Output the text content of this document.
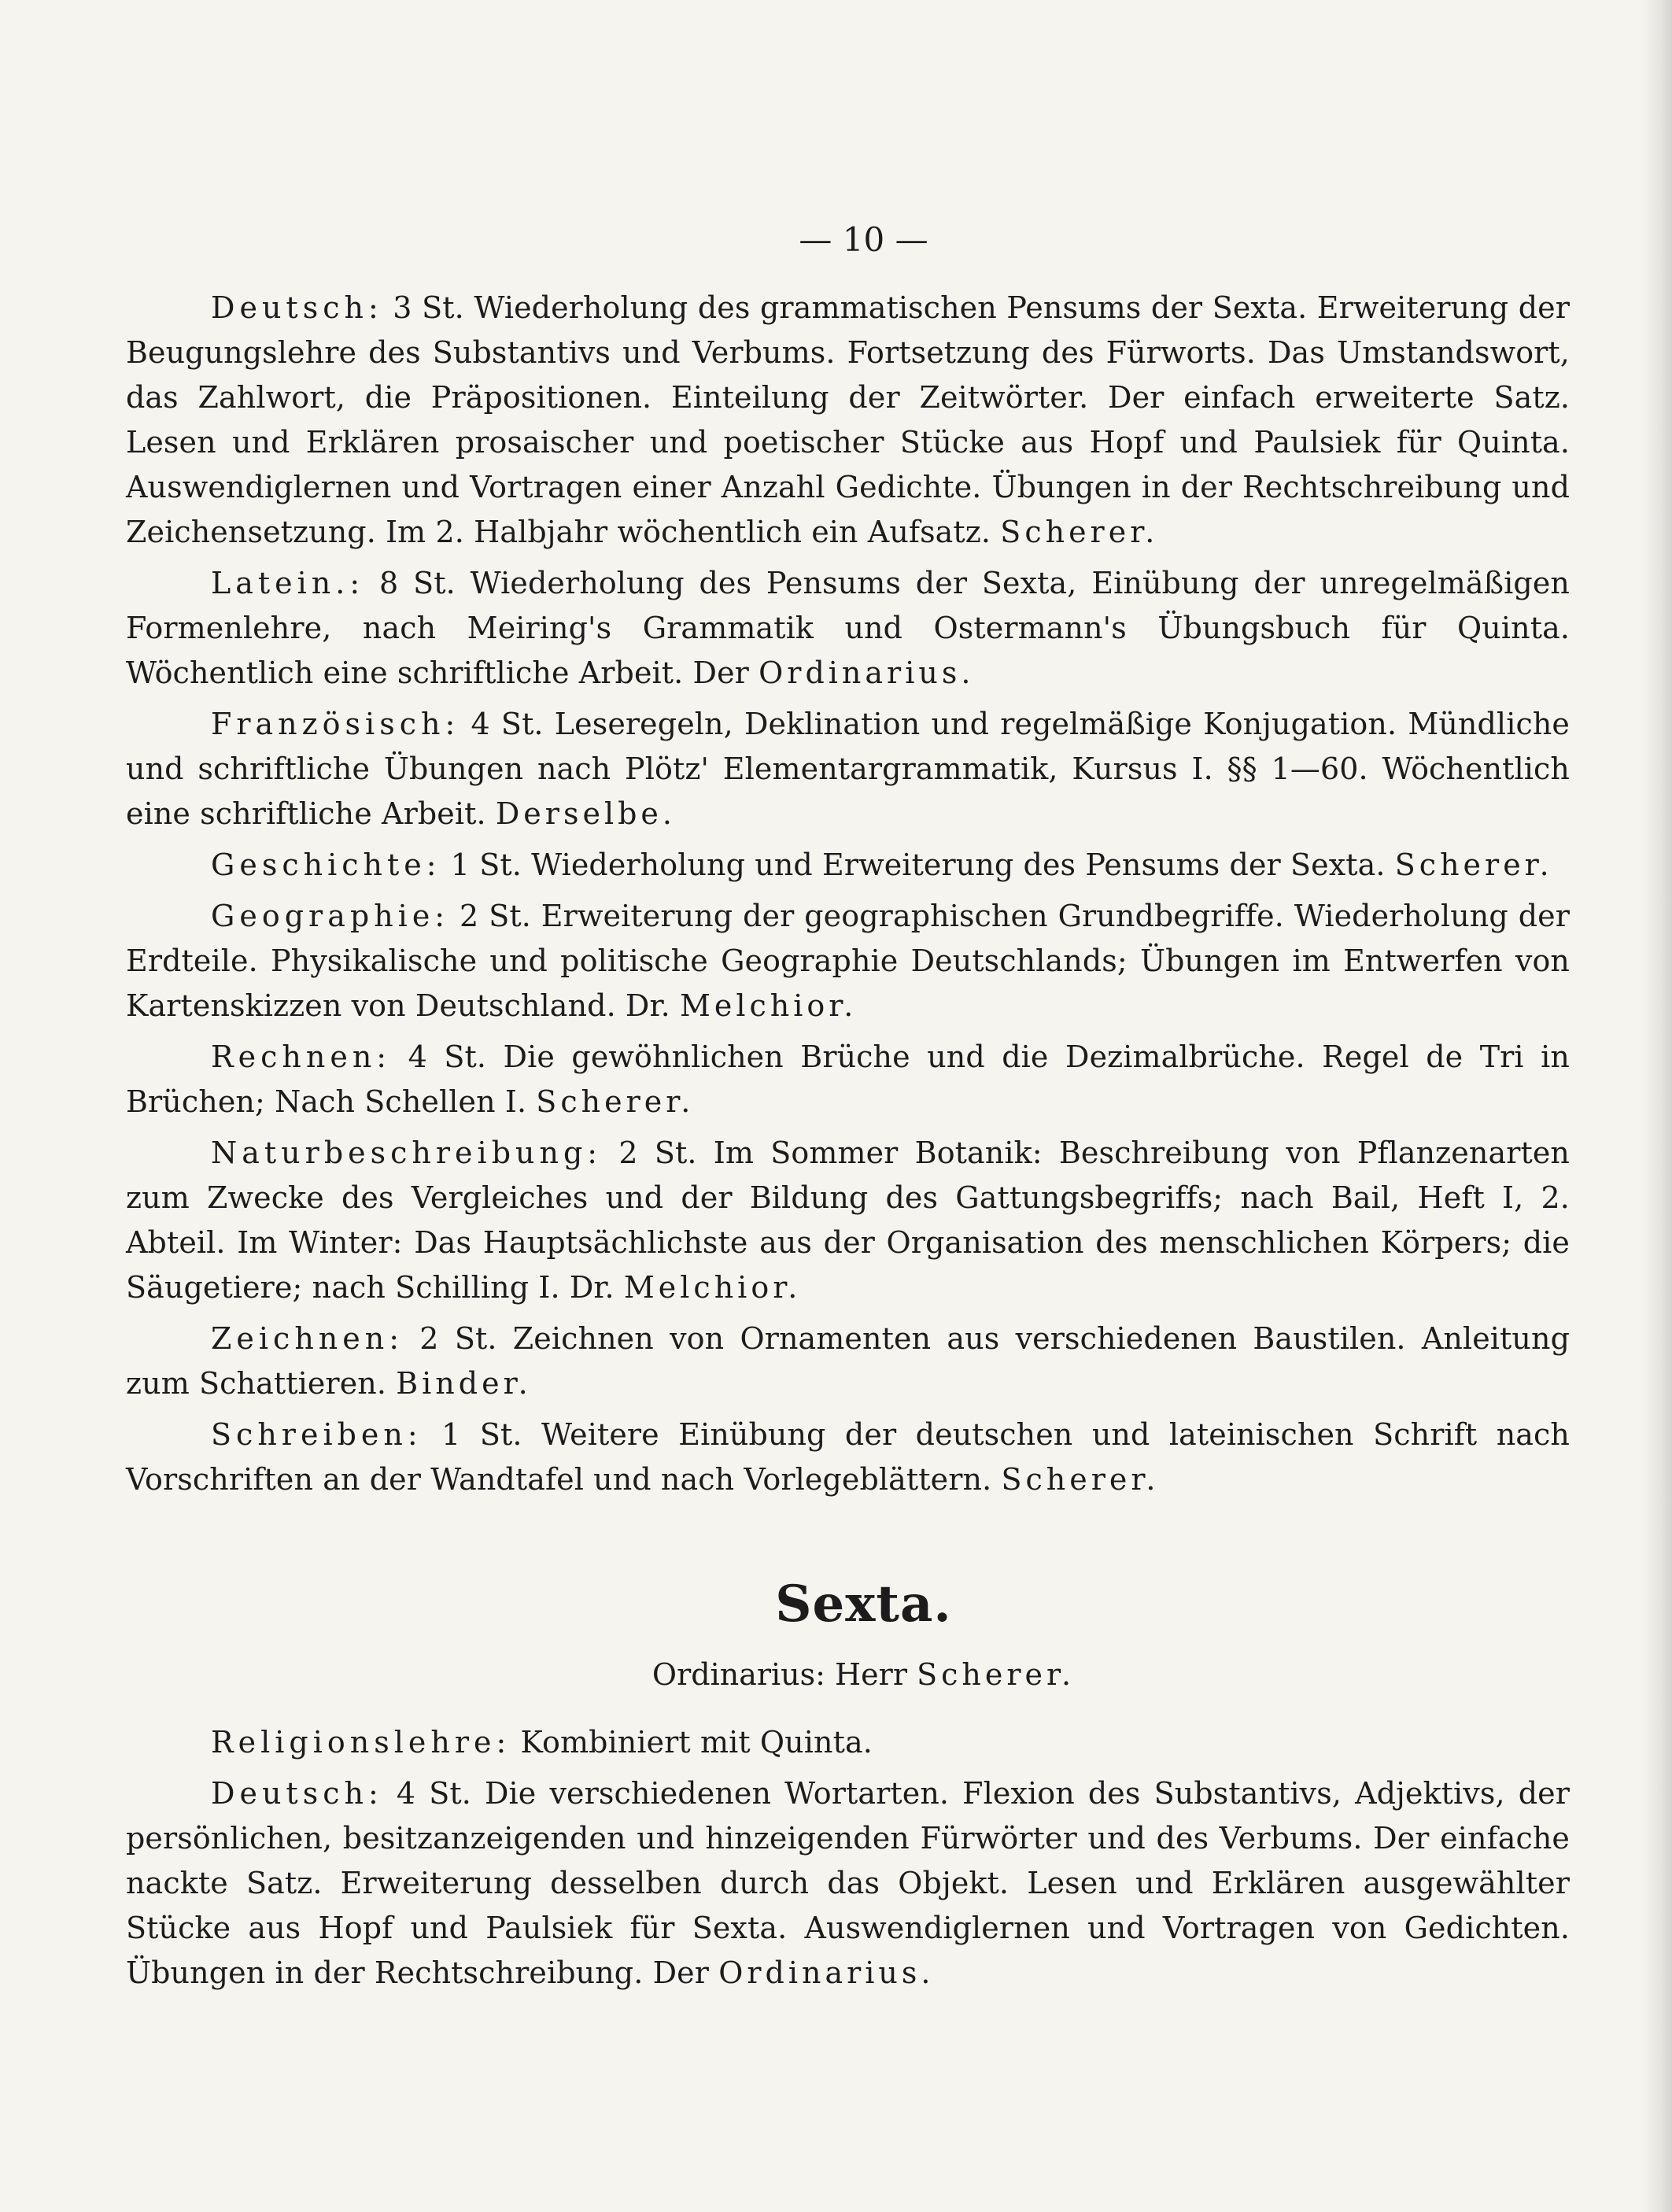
— 10 —

Deutsch: 3 St. Wiederholung des grammatischen Pensums der Sexta. Erweiterung der Beugungslehre des Substantivs und Verbums. Fortsetzung des Fürworts. Das Umstandswort, das Zahlwort, die Präpositionen. Einteilung der Zeitwörter. Der einfach erweiterte Satz. Lesen und Erklären prosaischer und poetischer Stücke aus Hopf und Paulsiek für Quinta. Auswendiglernen und Vortragen einer Anzahl Gedichte. Übungen in der Rechtschreibung und Zeichensetzung. Im 2. Halbjahr wöchentlich ein Aufsatz. Scherer.

Latein.: 8 St. Wiederholung des Pensums der Sexta, Einübung der unregelmäßigen Formenlehre, nach Meiring's Grammatik und Ostermann's Übungsbuch für Quinta. Wöchentlich eine schriftliche Arbeit. Der Ordinarius.

Französisch: 4 St. Leseregeln, Deklination und regelmäßige Konjugation. Mündliche und schriftliche Übungen nach Plötz' Elementargrammatik, Kursus I. §§ 1—60. Wöchentlich eine schriftliche Arbeit. Derselbe.

Geschichte: 1 St. Wiederholung und Erweiterung des Pensums der Sexta. Scherer.

Geographie: 2 St. Erweiterung der geographischen Grundbegriffe. Wiederholung der Erdteile. Physikalische und politische Geographie Deutschlands; Übungen im Entwerfen von Kartenskizzen von Deutschland. Dr. Melchior.

Rechnen: 4 St. Die gewöhnlichen Brüche und die Dezimalbrüche. Regel de Tri in Brüchen; Nach Schellen I. Scherer.

Naturbeschreibung: 2 St. Im Sommer Botanik: Beschreibung von Pflanzenarten zum Zwecke des Vergleiches und der Bildung des Gattungsbegriffs; nach Bail, Heft I, 2. Abteil. Im Winter: Das Hauptsächlichste aus der Organisation des menschlichen Körpers; die Säugetiere; nach Schilling I. Dr. Melchior.

Zeichnen: 2 St. Zeichnen von Ornamenten aus verschiedenen Baustilen. Anleitung zum Schattieren. Binder.

Schreiben: 1 St. Weitere Einübung der deutschen und lateinischen Schrift nach Vorschriften an der Wandtafel und nach Vorlegeblättern. Scherer.

Sexta.
Ordinarius: Herr Scherer.

Religionslehre: Kombiniert mit Quinta.

Deutsch: 4 St. Die verschiedenen Wortarten. Flexion des Substantivs, Adjektivs, der persönlichen, besitzanzeigenden und hinzeigenden Fürwörter und des Verbums. Der einfache nackte Satz. Erweiterung desselben durch das Objekt. Lesen und Erklären ausgewählter Stücke aus Hopf und Paulsiek für Sexta. Auswendiglernen und Vortragen von Gedichten. Übungen in der Rechtschreibung. Der Ordinarius.
